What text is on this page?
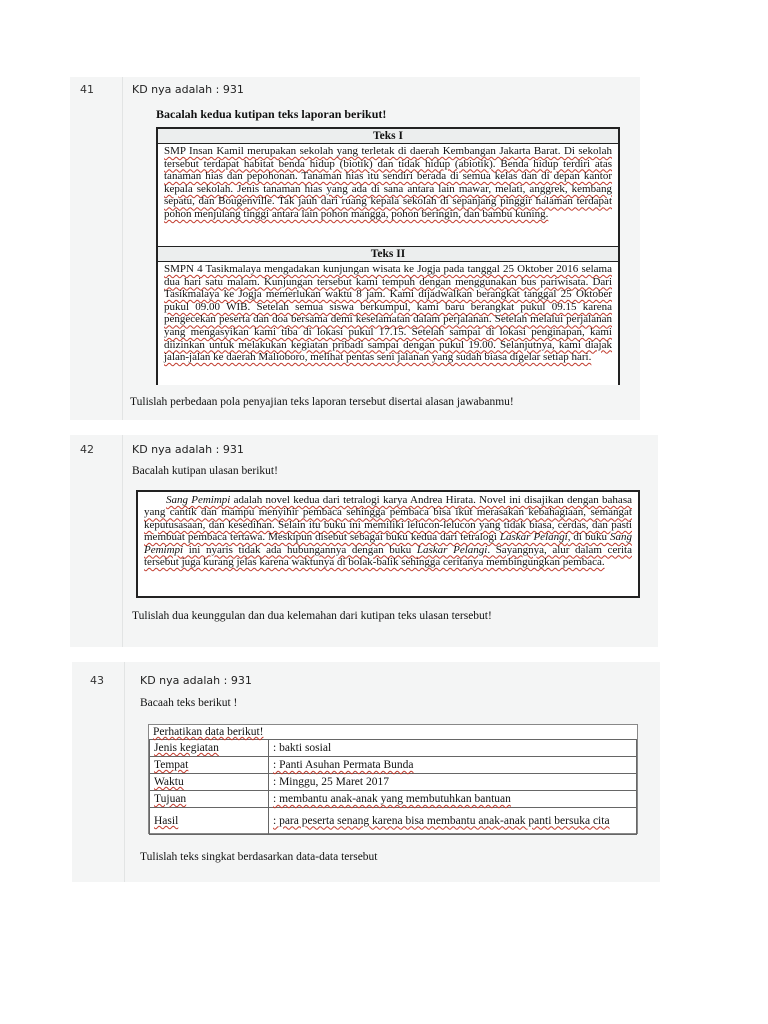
41	KD nya adalah : 931
Bacalah kedua kutipan teks laporan berikut!
Teks I
SMP Insan Kamil merupakan sekolah yang terletak di daerah Kembangan Jakarta Barat. Di sekolah tersebut terdapat habitat benda hidup (biotik) dan tidak hidup (abiotik). Benda hidup terdiri atas tanaman hias dan pepohonan. Tanaman hias itu sendiri berada di semua kelas dan di depan kantor kepala sekolah. Jenis tanaman hias yang ada di sana antara lain mawar, melati, anggrek, kembang sepatu, dan Bougenville. Tak jauh dari ruang kepala sekolah di sepanjang pinggir halaman terdapat pohon menjulang tinggi antara lain pohon mangga, pohon beringin, dan bambu kuning.
Teks II
SMPN 4 Tasikmalaya mengadakan kunjungan wisata ke Jogja pada tanggal 25 Oktober 2016 selama dua hari satu malam. Kunjungan tersebut kami tempuh dengan menggunakan bus pariwisata. Dari Tasikmalaya ke Jogja memerlukan waktu 8 jam. Kami dijadwalkan berangkat tanggal 25 Oktober pukul 09.00 WIB. Setelah semua siswa berkumpul, kami baru berangkat pukul 09.15 karena pengecekan peserta dan doa bersama demi keselamatan dalam perjalanan. Setelah melalui perjalanan yang mengasyikan kami tiba di lokasi pukul 17.15. Setelah sampai di lokasi penginapan, kami diizinkan untuk melakukan kegiatan pribadi sampai dengan pukul 19.00. Selanjutnya, kami diajak jalan-jalan ke daerah Malioboro, melihat pentas seni jalanan yang sudah biasa digelar setiap hari.
Tulislah perbedaan pola penyajian teks laporan tersebut disertai alasan jawabanmu!
42	KD nya adalah : 931
Bacalah kutipan ulasan berikut!
Sang Pemimpi adalah novel kedua dari tetralogi karya Andrea Hirata. Novel ini disajikan dengan bahasa yang cantik dan mampu menyihir pembaca sehingga pembaca bisa ikut merasakan kebahagiaan, semangat keputusasaan, dan kesedihan. Selain itu buku ini memiliki lelucon-lelucon yang tidak biasa, cerdas, dan pasti membuat pembaca tertawa. Meskipun disebut sebagai buku kedua dari tetralogi Laskar Pelangi, di buku Sang Pemimpi ini nyaris tidak ada hubungannya dengan buku Laskar Pelangi. Sayangnya, alur dalam cerita tersebut juga kurang jelas karena waktunya di bolak-balik sehingga ceritanya membingungkan pembaca.
Tulislah dua keunggulan dan dua kelemahan dari kutipan teks ulasan tersebut!
43	KD nya adalah : 931
Bacaah teks berikut !
Perhatikan data berikut!
Jenis kegiatan	: bakti sosial
Tempat	: Panti Asuhan Permata Bunda
Waktu	: Minggu, 25 Maret 2017
Tujuan	: membantu anak-anak yang membutuhkan bantuan
Hasil	: para peserta senang karena bisa membantu anak-anak panti bersuka cita
Tulislah teks singkat berdasarkan data-data tersebut
